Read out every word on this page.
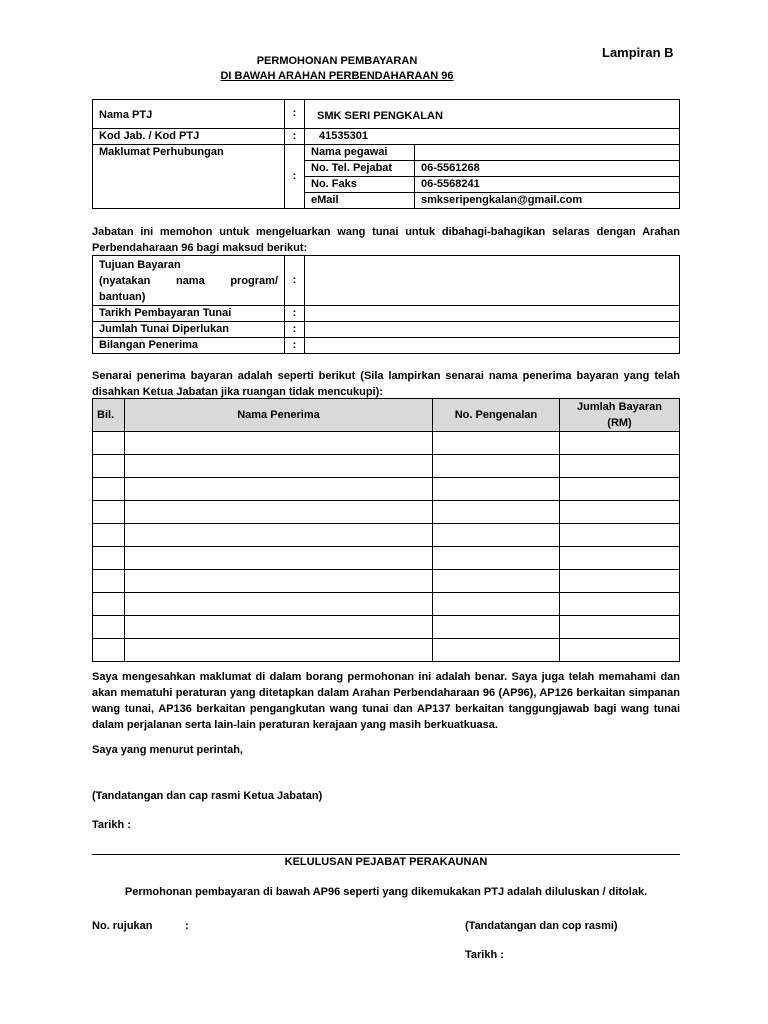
Lampiran B
PERMOHONAN PEMBAYARAN
DI BAWAH ARAHAN PERBENDAHARAAN 96
Nama PTJ	:	SMK SERI PENGKALAN	
Kod Jab. / Kod PTJ	:	41535301	
Maklumat Perhubungan	:	Nama pegawai	
		No. Tel. Pejabat	06-5561268
		No. Faks	06-5568241
		eMail	smkseripengkalan@gmail.com
Jabatan ini memohon untuk mengeluarkan wang tunai untuk dibahagi-bahagikan selaras dengan Arahan Perbendaharaan 96 bagi maksud berikut:
Tujuan Bayaran
(nyatakan nama program/ bantuan)	:	
Tarikh Pembayaran Tunai	:	
Jumlah Tunai Diperlukan	:	
Bilangan Penerima	:	
Senarai penerima bayaran adalah seperti berikut (Sila lampirkan senarai nama penerima bayaran yang telah disahkan Ketua Jabatan jika ruangan tidak mencukupi):
Bil.	Nama Penerima	No. Pengenalan	Jumlah Bayaran (RM)

Saya mengesahkan maklumat di dalam borang permohonan ini adalah benar. Saya juga telah memahami dan akan mematuhi peraturan yang ditetapkan dalam Arahan Perbendaharaan 96 (AP96), AP126 berkaitan simpanan wang tunai, AP136 berkaitan pengangkutan wang tunai dan AP137 berkaitan tanggungjawab bagi wang tunai dalam perjalanan serta lain-lain peraturan kerajaan yang masih berkuatkuasa.
Saya yang menurut perintah,
(Tandatangan dan cap rasmi Ketua Jabatan)
Tarikh :
KELULUSAN PEJABAT PERAKAUNAN
Permohonan pembayaran di bawah AP96 seperti yang dikemukakan PTJ adalah diluluskan / ditolak.
No. rujukan	:	(Tandatangan dan cop rasmi)
Tarikh :
